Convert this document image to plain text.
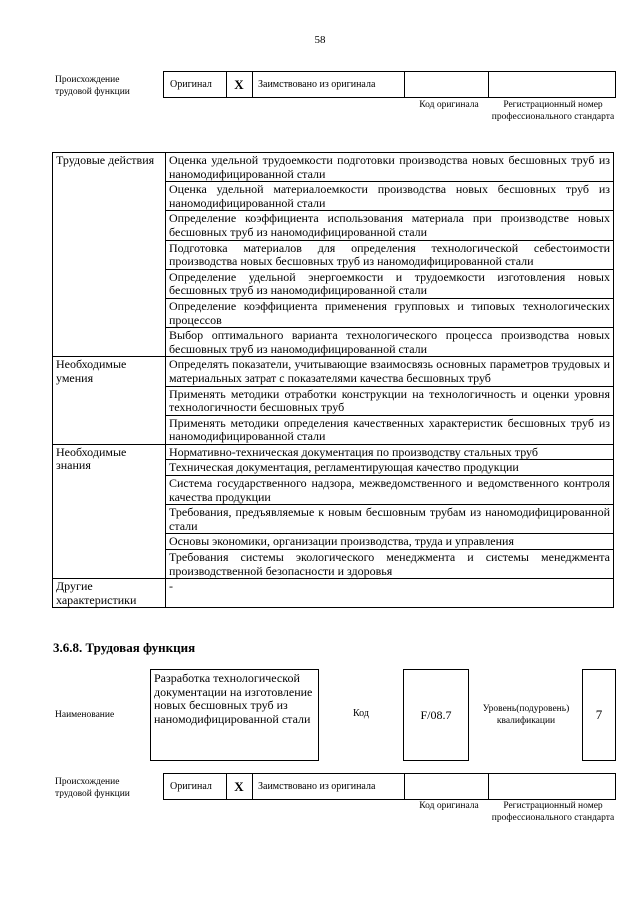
58
Происхождение трудовой функции
Оригинал	X	Заимствовано из оригинала
Код оригинала	Регистрационный номер профессионального стандарта
Трудовые действия	Оценка удельной трудоемкости подготовки производства новых бесшовных труб из наномодифицированной стали
	Оценка удельной материалоемкости производства новых бесшовных труб из наномодифицированной стали
	Определение коэффициента использования материала при производстве новых бесшовных труб из наномодифицированной стали
	Подготовка материалов для определения технологической себестоимости производства новых бесшовных труб из наномодифицированной стали
	Определение удельной энергоемкости и трудоемкости изготовления новых бесшовных труб из наномодифицированной стали
	Определение коэффициента применения групповых и типовых технологических процессов
	Выбор оптимального варианта технологического процесса производства новых бесшовных труб из наномодифицированной стали
Необходимые умения	Определять показатели, учитывающие взаимосвязь основных параметров трудовых и материальных затрат с показателями качества бесшовных труб
	Применять методики отработки конструкции на технологичность и оценки уровня технологичности бесшовных труб
	Применять методики определения качественных характеристик бесшовных труб из наномодифицированной стали
Необходимые знания	Нормативно-техническая документация по производству стальных труб
	Техническая документация, регламентирующая качество продукции
	Система государственного надзора, межведомственного и ведомственного контроля качества продукции
	Требования, предъявляемые к новым бесшовным трубам из наномодифицированной стали
	Основы экономики, организации производства, труда и управления
	Требования системы экологического менеджмента и системы менеджмента производственной безопасности и здоровья
Другие характеристики	-
3.6.8. Трудовая функция
Наименование
Разработка технологической документации на изготовление новых бесшовных труб из наномодифицированной стали	Код	F/08.7	Уровень(подуровень) квалификации	7
Происхождение трудовой функции
Оригинал	X	Заимствовано из оригинала
Код оригинала	Регистрационный номер профессионального стандарта
